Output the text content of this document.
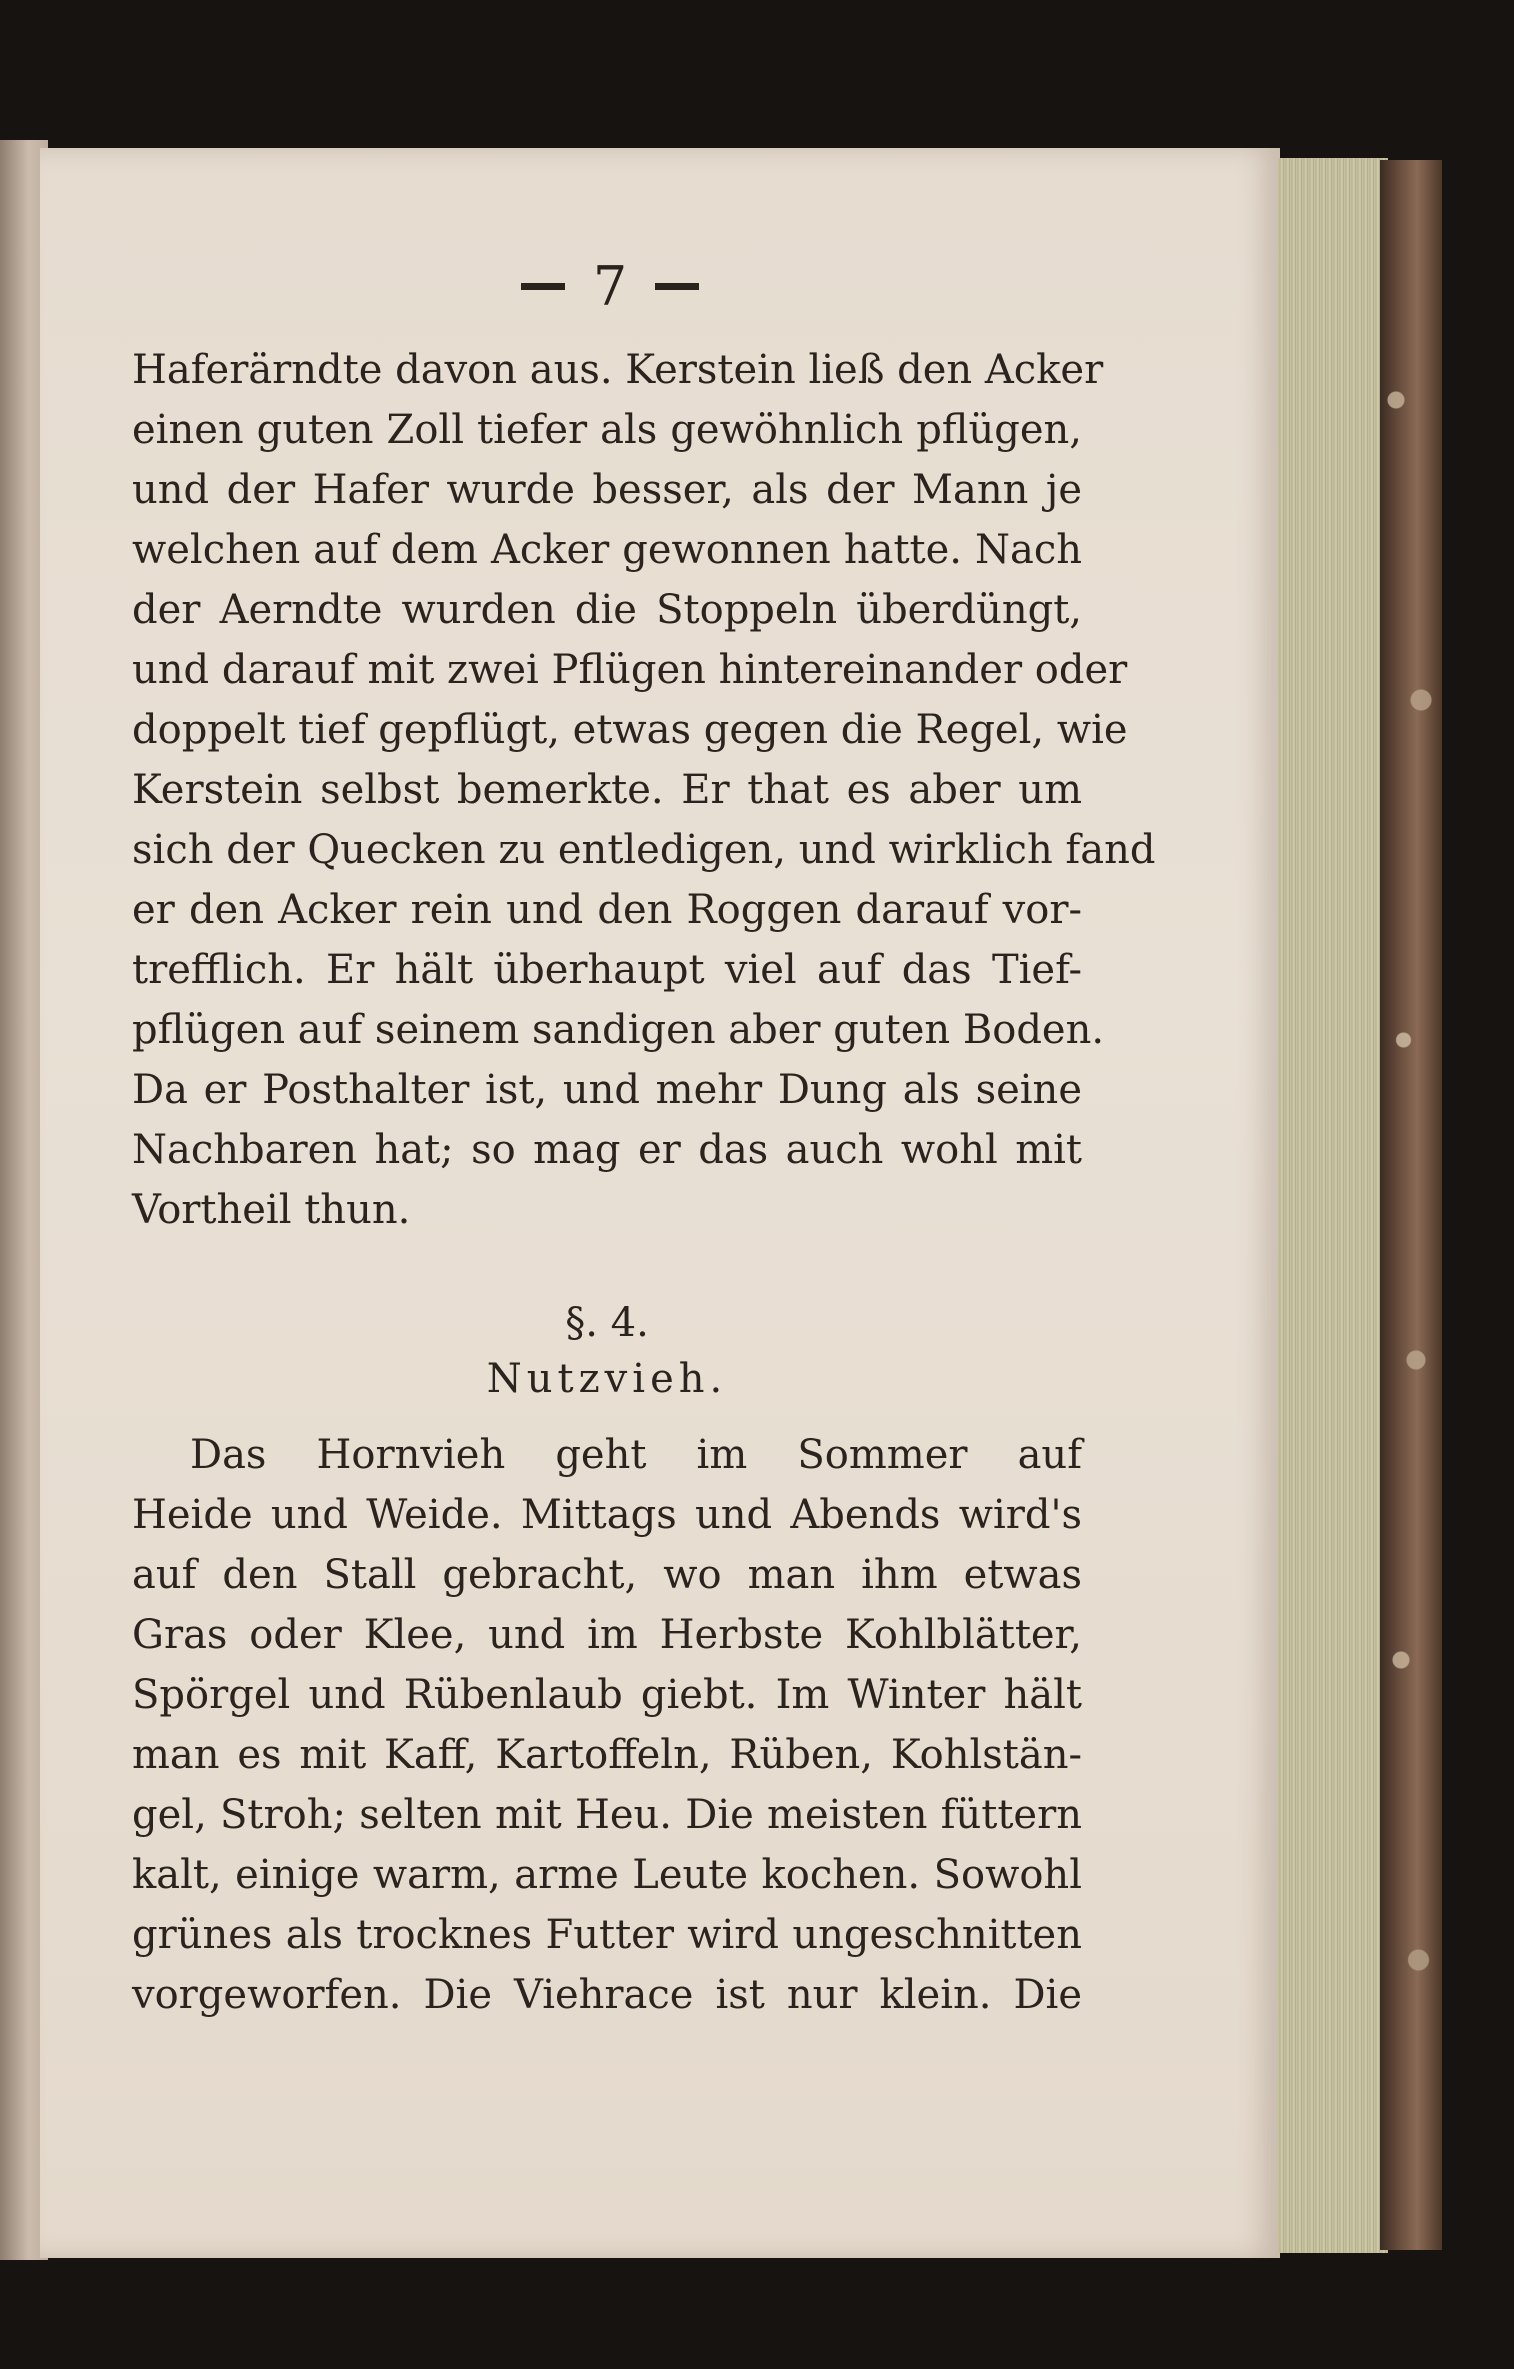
7
Haferärndte davon aus. Kerstein ließ den Acker
einen guten Zoll tiefer als gewöhnlich pflügen,
und der Hafer wurde besser, als der Mann je
welchen auf dem Acker gewonnen hatte. Nach
der Aerndte wurden die Stoppeln überdüngt,
und darauf mit zwei Pflügen hintereinander oder
doppelt tief gepflügt, etwas gegen die Regel, wie
Kerstein selbst bemerkte. Er that es aber um
sich der Quecken zu entledigen, und wirklich fand
er den Acker rein und den Roggen darauf vor-
trefflich. Er hält überhaupt viel auf das Tief-
pflügen auf seinem sandigen aber guten Boden.
Da er Posthalter ist, und mehr Dung als seine
Nachbaren hat; so mag er das auch wohl mit
Vortheil thun.
§. 4.
Nutzvieh.
Das Hornvieh geht im Sommer auf
Heide und Weide. Mittags und Abends wird's
auf den Stall gebracht, wo man ihm etwas
Gras oder Klee, und im Herbste Kohlblätter,
Spörgel und Rübenlaub giebt. Im Winter hält
man es mit Kaff, Kartoffeln, Rüben, Kohlstän-
gel, Stroh; selten mit Heu. Die meisten füttern
kalt, einige warm, arme Leute kochen. Sowohl
grünes als trocknes Futter wird ungeschnitten
vorgeworfen. Die Viehrace ist nur klein. Die
